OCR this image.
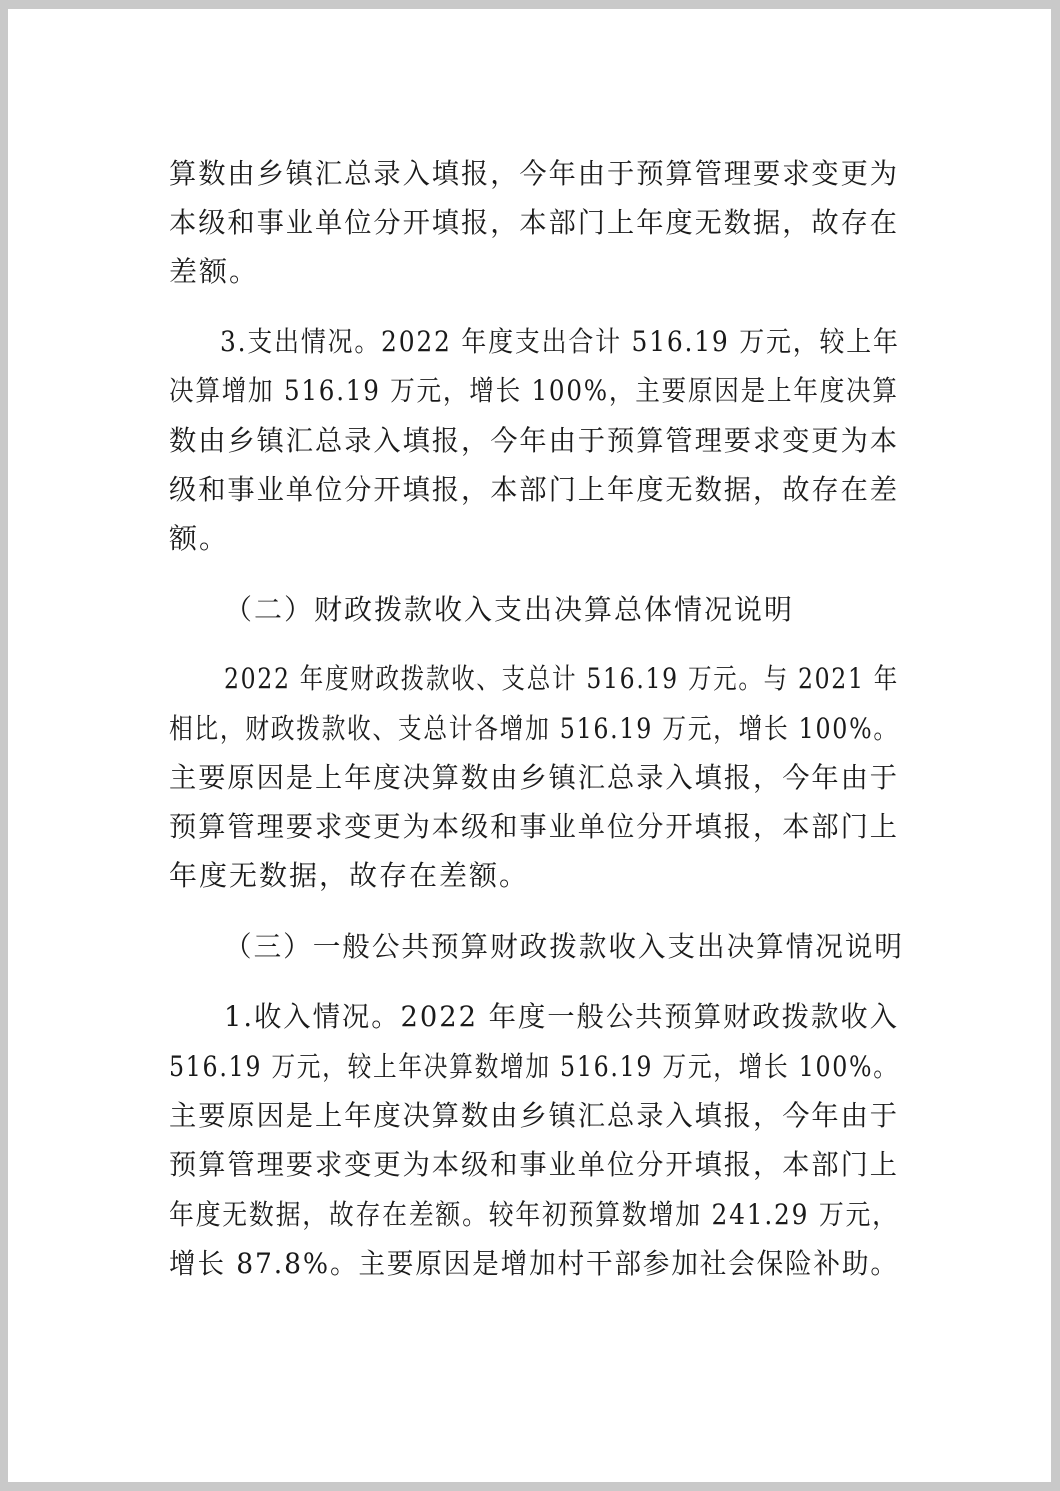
算数由乡镇汇总录入填报，今年由于预算管理要求变更为
本级和事业单位分开填报，本部门上年度无数据，故存在
差额。
3.支出情况。2022 年度支出合计 516.19 万元，较上年
决算增加 516.19 万元，增长 100%，主要原因是上年度决算
数由乡镇汇总录入填报，今年由于预算管理要求变更为本
级和事业单位分开填报，本部门上年度无数据，故存在差
额。
（二）财政拨款收入支出决算总体情况说明
2022 年度财政拨款收、支总计 516.19 万元。与 2021 年
相比，财政拨款收、支总计各增加 516.19 万元，增长 100%。
主要原因是上年度决算数由乡镇汇总录入填报，今年由于
预算管理要求变更为本级和事业单位分开填报，本部门上
年度无数据，故存在差额。
（三）一般公共预算财政拨款收入支出决算情况说明
1.收入情况。2022 年度一般公共预算财政拨款收入
516.19 万元，较上年决算数增加 516.19 万元，增长 100%。
主要原因是上年度决算数由乡镇汇总录入填报，今年由于
预算管理要求变更为本级和事业单位分开填报，本部门上
年度无数据，故存在差额。较年初预算数增加 241.29 万元，
增长 87.8%。主要原因是增加村干部参加社会保险补助。
